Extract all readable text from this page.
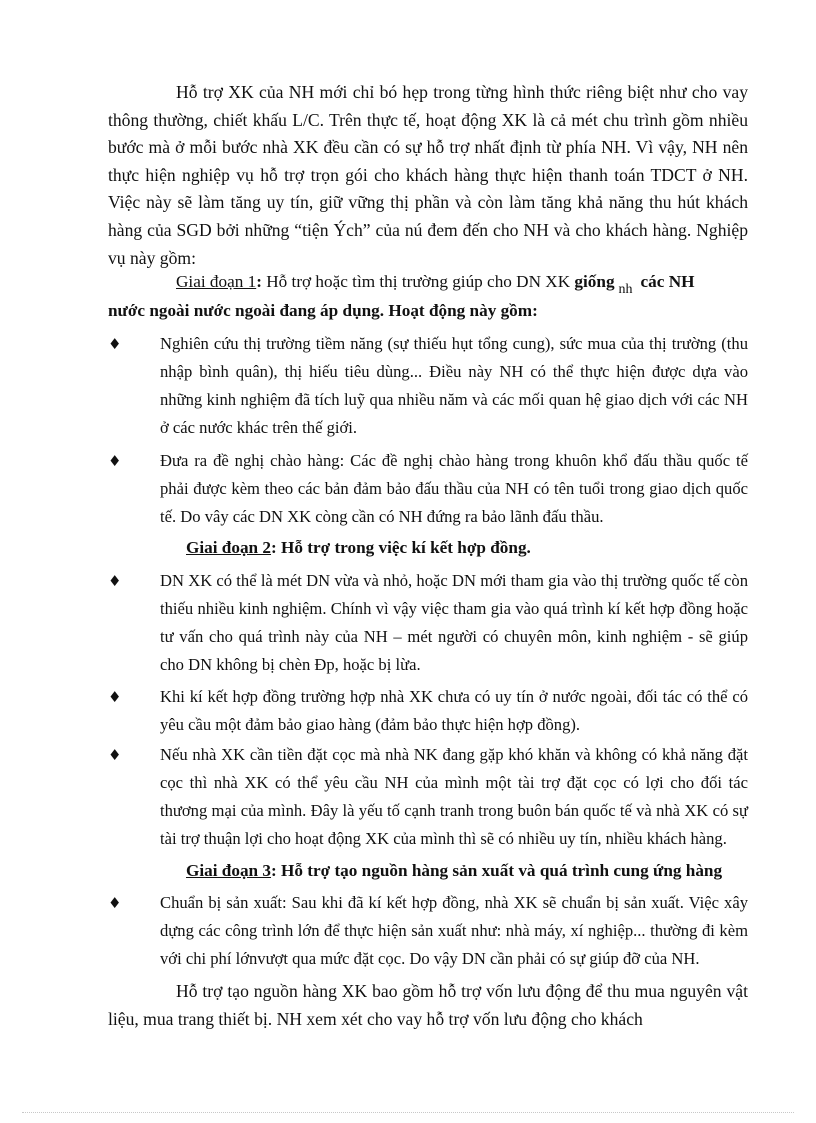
Hỗ trợ XK của NH mới chỉ bó hẹp trong từng hình thức riêng biệt như cho vay thông thường, chiết khấu L/C. Trên thực tế, hoạt động XK là cả mét chu trình gồm nhiều bước mà ở mỗi bước nhà XK đều cần có sự hỗ trợ nhất định từ phía NH. Vì vậy, NH nên thực hiện nghiệp vụ hỗ trợ trọn gói cho khách hàng thực hiện thanh toán TDCT ở NH. Việc này sẽ làm tăng uy tín, giữ vững thị phần và còn làm tăng khả năng thu hút khách hàng của SGD bởi những “tiện Ých” của nú đem đến cho NH và cho khách hàng. Nghiệp vụ này gồm:

Giai đoạn 1: Hỗ trợ hoặc tìm thị trường giúp cho DN XK giống $_{nh}$ các NH

nước ngoài nước ngoài đang áp dụng. Hoạt động này gồm:

♦	Nghiên cứu thị trường tiềm năng (sự thiếu hụt tổng cung), sức mua của thị trường (thu nhập bình quân), thị hiếu tiêu dùng... Điều này NH có thể thực hiện được dựa vào những kinh nghiệm đã tích luỹ qua nhiều năm và các mối quan hệ giao dịch với các NH ở các nước khác trên thế giới.

♦	Đưa ra đề nghị chào hàng: Các đề nghị chào hàng trong khuôn khổ đấu thầu quốc tế phải được kèm theo các bản đảm bảo đấu thầu của NH có tên tuổi trong giao dịch quốc tế. Do vây các DN XK còng cần có NH đứng ra bảo lãnh đấu thầu.

Giai đoạn 2: Hỗ trợ trong việc kí kết hợp đồng.

♦	DN XK có thể là mét DN vừa và nhỏ, hoặc DN mới tham gia vào thị trường quốc tế còn thiếu nhiều kinh nghiệm. Chính vì vậy việc tham gia vào quá trình kí kết hợp đồng hoặc tư vấn cho quá trình này của NH – mét người có chuyên môn, kinh nghiệm - sẽ giúp cho DN không bị chèn Ðp, hoặc bị lừa.

♦	Khi kí kết hợp đồng trường hợp nhà XK chưa có uy tín ở nước ngoài, đối tác có thể có yêu cầu một đảm bảo giao hàng (đảm bảo thực hiện hợp đồng).

♦	Nếu nhà XK cần tiền đặt cọc mà nhà NK đang gặp khó khăn và không có khả năng đặt cọc thì nhà XK có thể yêu cầu NH của mình một tài trợ đặt cọc có lợi cho đối tác thương mại của mình. Đây là yếu tố cạnh tranh trong buôn bán quốc tế và nhà XK có sự tài trợ thuận lợi cho hoạt động XK của mình thì sẽ có nhiều uy tín, nhiều khách hàng.

Giai đoạn 3: Hỗ trợ tạo nguồn hàng sản xuất và quá trình cung ứng hàng

♦	Chuẩn bị sản xuất: Sau khi đã kí kết hợp đồng, nhà XK sẽ chuẩn bị sản xuất. Việc xây dựng các công trình lớn để thực hiện sản xuất như: nhà máy, xí nghiệp... thường đi kèm với chi phí lớnvượt qua mức đặt cọc. Do vậy DN cần phải có sự giúp đỡ của NH.

Hỗ trợ tạo nguồn hàng XK bao gồm hỗ trợ vốn lưu động để thu mua nguyên vật liệu, mua trang thiết bị. NH xem xét cho vay hỗ trợ vốn lưu động cho khách
